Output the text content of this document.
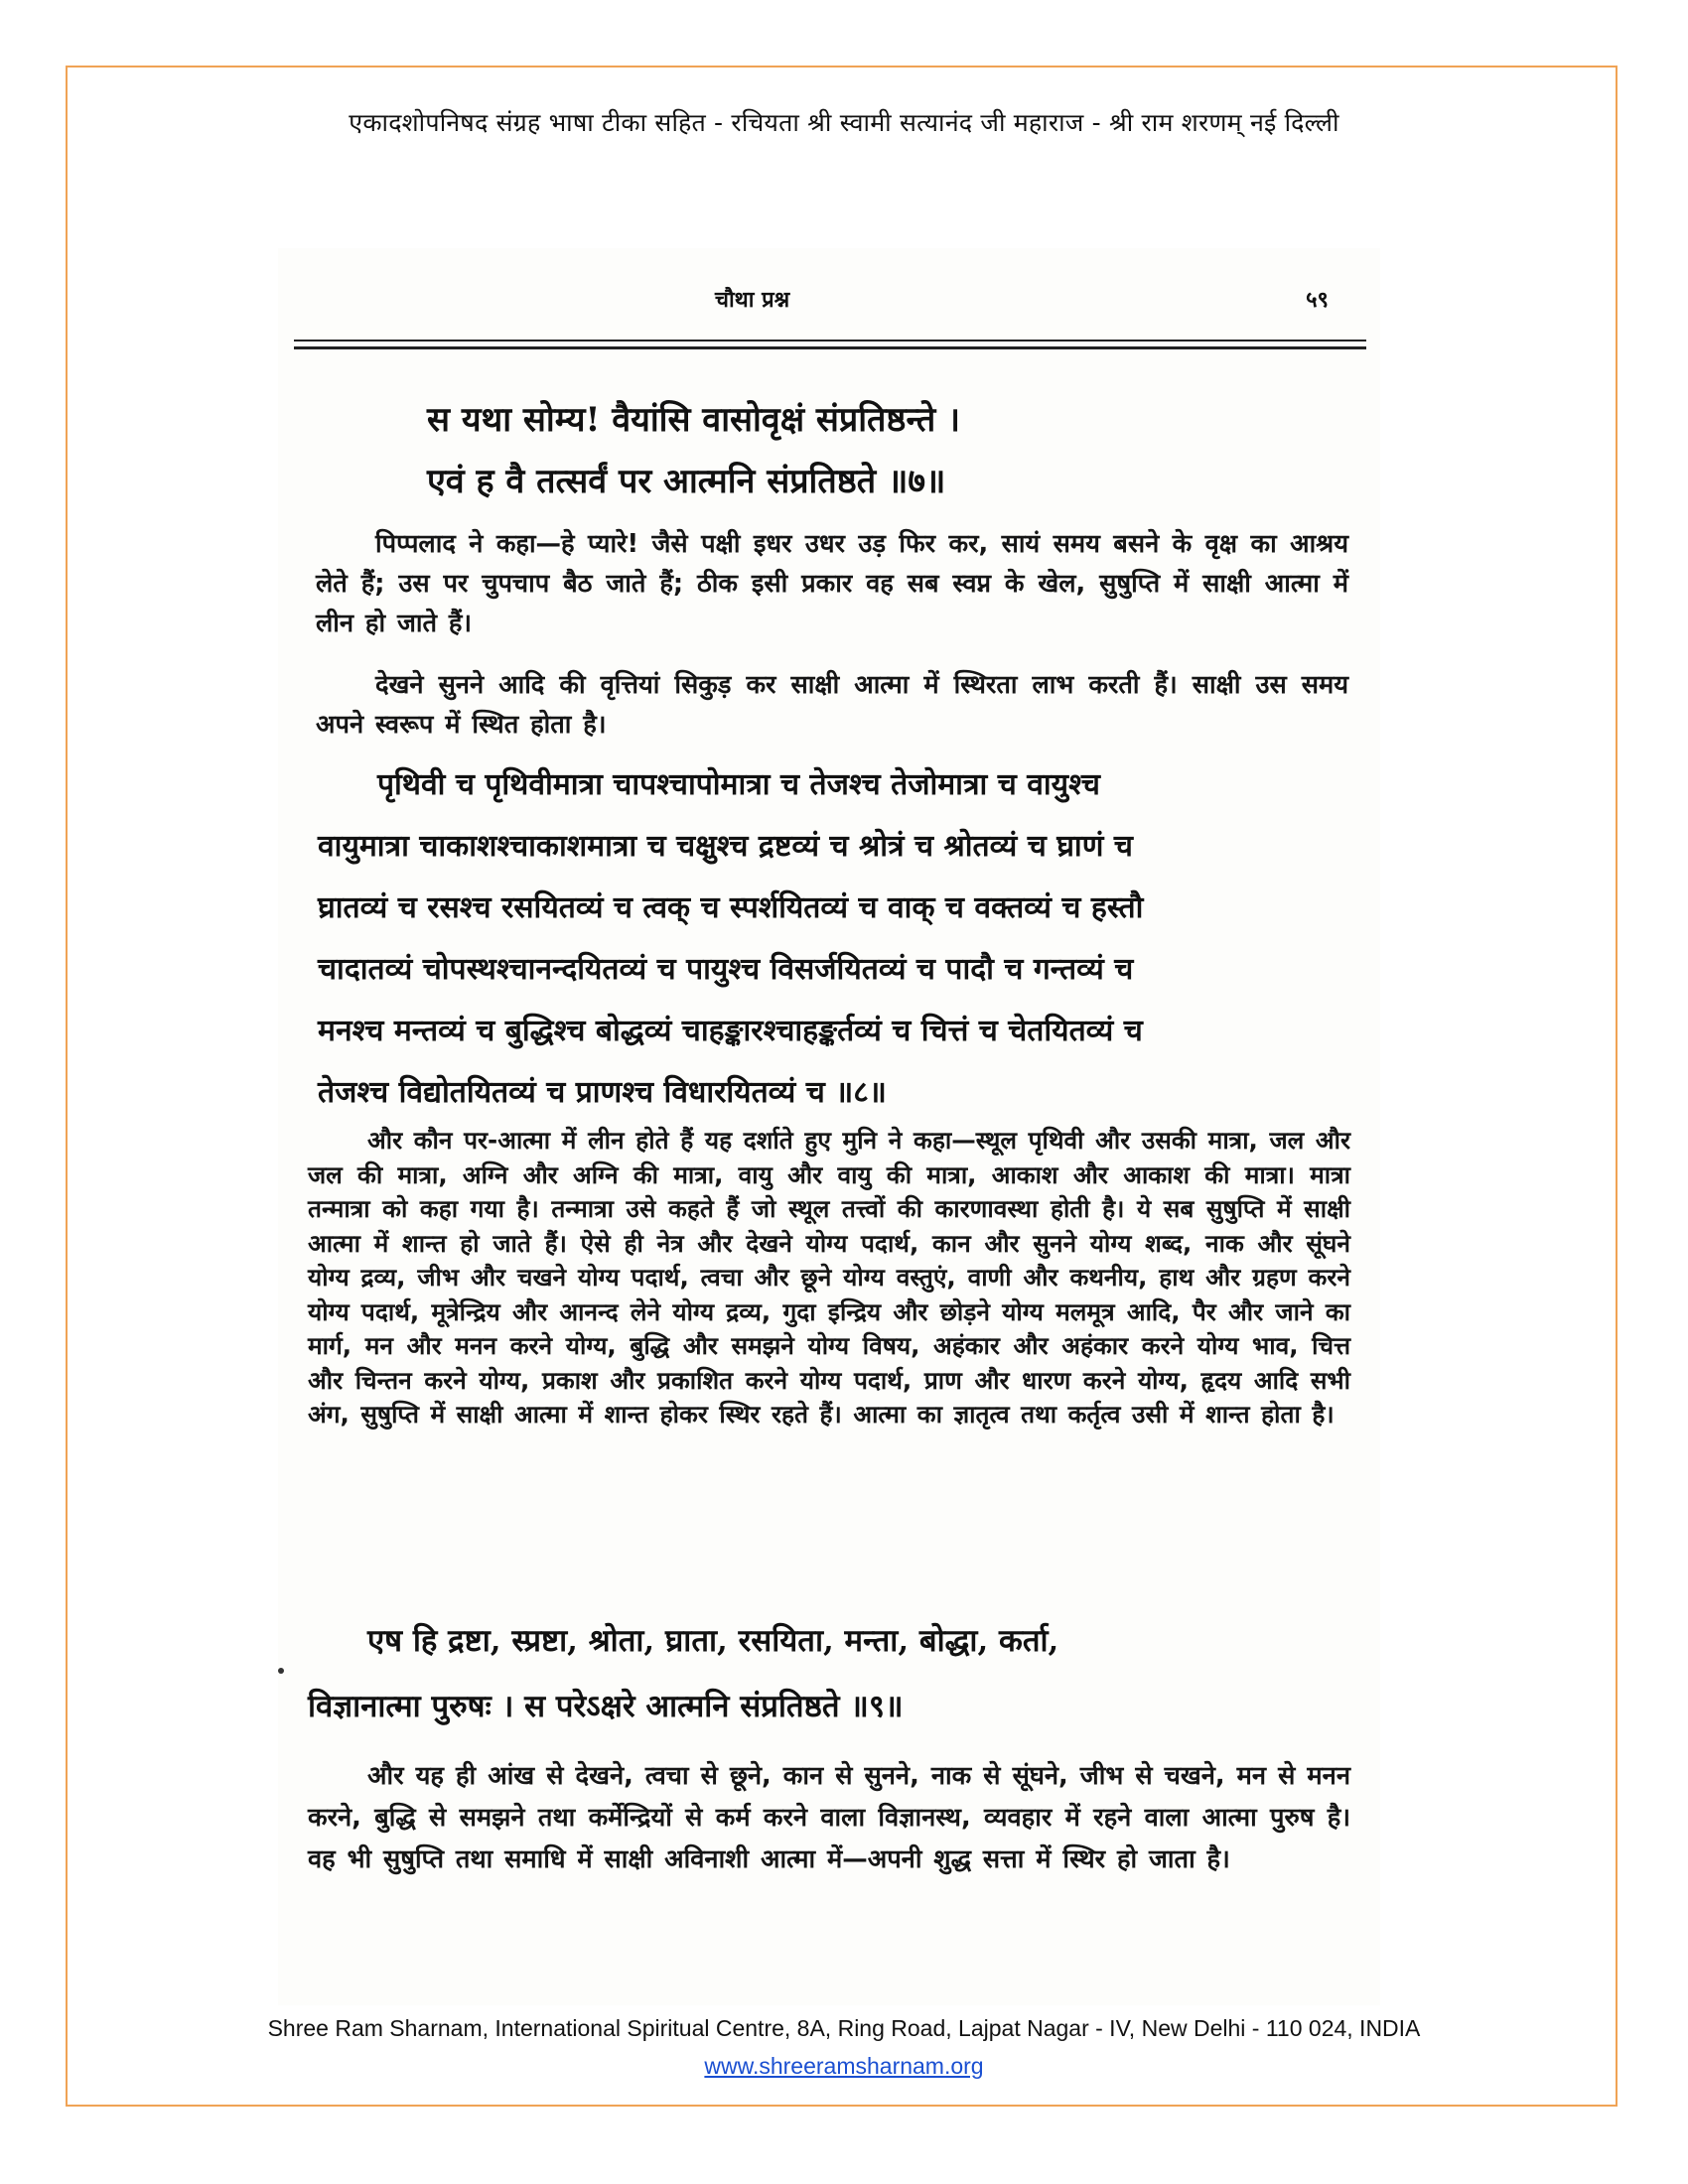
एकादशोपनिषद संग्रह भाषा टीका सहित - रचियता श्री स्वामी सत्यानंद जी महाराज - श्री राम शरणम् नई दिल्ली
चौथा प्रश्न	५९
स यथा सोम्य! वैयांसि वासोवृक्षं संप्रतिष्ठन्ते ।
एवं ह वै तत्सर्वं पर आत्मनि संप्रतिष्ठते ॥७॥
पिप्पलाद ने कहा—हे प्यारे! जैसे पक्षी इधर उधर उड़ फिर कर, सायं समय बसने के वृक्ष का आश्रय लेते हैं; उस पर चुपचाप बैठ जाते हैं; ठीक इसी प्रकार वह सब स्वप्न के खेल, सुषुप्ति में साक्षी आत्मा में लीन हो जाते हैं।
देखने सुनने आदि की वृत्तियां सिकुड़ कर साक्षी आत्मा में स्थिरता लाभ करती हैं। साक्षी उस समय अपने स्वरूप में स्थित होता है।
पृथिवी च पृथिवीमात्रा चापश्चापोमात्रा च तेजश्च तेजोमात्रा च वायुश्च
वायुमात्रा चाकाशश्चाकाशमात्रा च चक्षुश्च द्रष्टव्यं च श्रोत्रं च श्रोतव्यं च घ्राणं च
घ्रातव्यं च रसश्च रसयितव्यं च त्वक् च स्पर्शयितव्यं च वाक् च वक्तव्यं च हस्तौ
चादातव्यं चोपस्थश्चानन्दयितव्यं च पायुश्च विसर्जयितव्यं च पादौ च गन्तव्यं च
मनश्च मन्तव्यं च बुद्धिश्च बोद्धव्यं चाहङ्कारश्चाहङ्कर्तव्यं च चित्तं च चेतयितव्यं च
तेजश्च विद्योतयितव्यं च प्राणश्च विधारयितव्यं च ॥८॥
और कौन पर-आत्मा में लीन होते हैं यह दर्शाते हुए मुनि ने कहा—स्थूल पृथिवी और उसकी मात्रा, जल और जल की मात्रा, अग्नि और अग्नि की मात्रा, वायु और वायु की मात्रा, आकाश और आकाश की मात्रा। मात्रा तन्मात्रा को कहा गया है। तन्मात्रा उसे कहते हैं जो स्थूल तत्त्वों की कारणावस्था होती है। ये सब सुषुप्ति में साक्षी आत्मा में शान्त हो जाते हैं। ऐसे ही नेत्र और देखने योग्य पदार्थ, कान और सुनने योग्य शब्द, नाक और सूंघने योग्य द्रव्य, जीभ और चखने योग्य पदार्थ, त्वचा और छूने योग्य वस्तुएं, वाणी और कथनीय, हाथ और ग्रहण करने योग्य पदार्थ, मूत्रेन्द्रिय और आनन्द लेने योग्य द्रव्य, गुदा इन्द्रिय और छोड़ने योग्य मलमूत्र आदि, पैर और जाने का मार्ग, मन और मनन करने योग्य, बुद्धि और समझने योग्य विषय, अहंकार और अहंकार करने योग्य भाव, चित्त और चिन्तन करने योग्य, प्रकाश और प्रकाशित करने योग्य पदार्थ, प्राण और धारण करने योग्य, हृदय आदि सभी अंग, सुषुप्ति में साक्षी आत्मा में शान्त होकर स्थिर रहते हैं। आत्मा का ज्ञातृत्व तथा कर्तृत्व उसी में शान्त होता है।
एष हि द्रष्टा, स्प्रष्टा, श्रोता, घ्राता, रसयिता, मन्ता, बोद्धा, कर्ता,
विज्ञानात्मा पुरुषः । स परेऽक्षरे आत्मनि संप्रतिष्ठते ॥९॥
और यह ही आंख से देखने, त्वचा से छूने, कान से सुनने, नाक से सूंघने, जीभ से चखने, मन से मनन करने, बुद्धि से समझने तथा कर्मेन्द्रियों से कर्म करने वाला विज्ञानस्थ, व्यवहार में रहने वाला आत्मा पुरुष है। वह भी सुषुप्ति तथा समाधि में साक्षी अविनाशी आत्मा में—अपनी शुद्ध सत्ता में स्थिर हो जाता है।
Shree Ram Sharnam, International Spiritual Centre, 8A, Ring Road, Lajpat Nagar - IV, New Delhi - 110 024, INDIA
www.shreeramsharnam.org
